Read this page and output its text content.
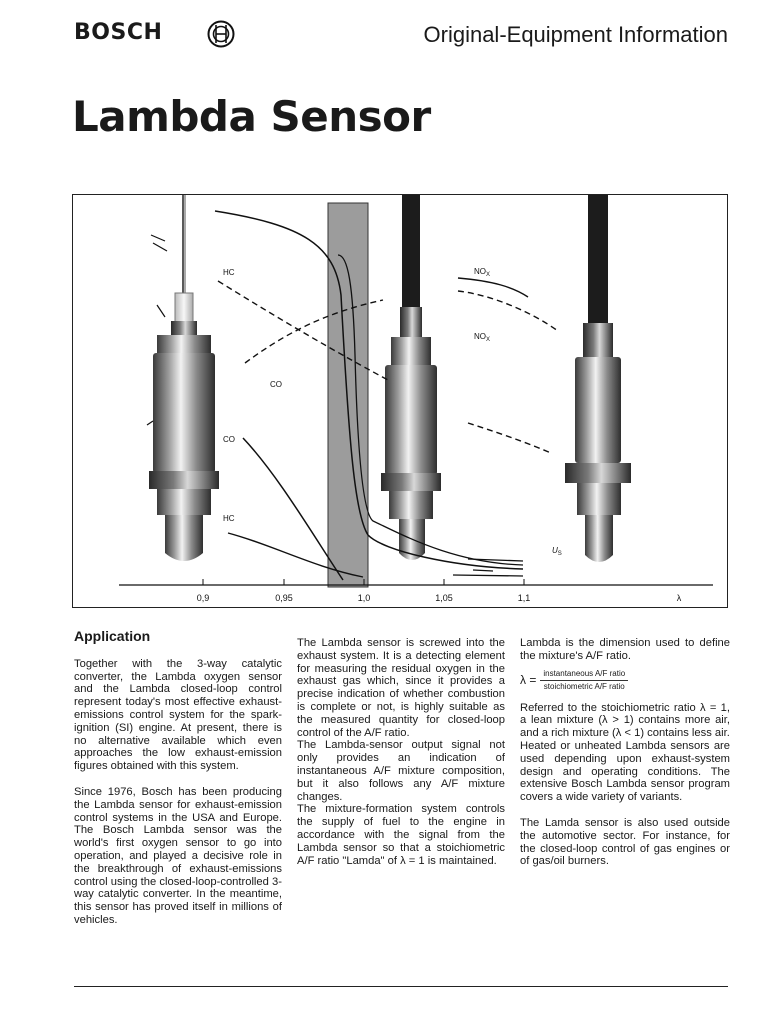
BOSCH	Original-Equipment Information
Lambda Sensor
0,9	0,95	1,0	1,05	1,1	λ
HC
CO
CO
HC
$NO_X$
$NO_X$
$U_S$
Application

Together with the 3-way catalytic converter, the Lambda oxygen sensor and the Lambda closed-loop control represent today's most effective exhaust-emissions control system for the spark-ignition (SI) engine. At present, there is no alternative available which even approaches the low exhaust-emission figures obtained with this system.

Since 1976, Bosch has been producing the Lambda sensor for exhaust-emission control systems in the USA and Europe. The Bosch Lambda sensor was the world's first oxygen sensor to go into operation, and played a decisive role in the breakthrough of exhaust-emissions control using the closed-loop-controlled 3-way catalytic converter. In the meantime, this sensor has proved itself in millions of vehicles.

The Lambda sensor is screwed into the exhaust system. It is a detecting element for measuring the residual oxygen in the exhaust gas which, since it provides a precise indication of whether combustion is complete or not, is highly suitable as the measured quantity for closed-loop control of the A/F ratio.

The Lambda-sensor output signal not only provides an indication of instantaneous A/F mixture composition, but it also follows any A/F mixture changes.

The mixture-formation system controls the supply of fuel to the engine in accordance with the signal from the Lambda sensor so that a stoichiometric A/F ratio "Lamda" of λ = 1 is maintained.

Lambda is the dimension used to define the mixture's A/F ratio.

$\lambda = \frac{\text{instantaneous A/F ratio}}{\text{stoichiometric A/F ratio}}$

Referred to the stoichiometric ratio λ = 1, a lean mixture (λ > 1) contains more air, and a rich mixture (λ < 1) contains less air.

Heated or unheated Lambda sensors are used depending upon exhaust-system design and operating conditions. The extensive Bosch Lambda sensor program covers a wide variety of variants.

The Lamda sensor is also used outside the automotive sector. For instance, for the closed-loop control of gas engines or of gas/oil burners.
